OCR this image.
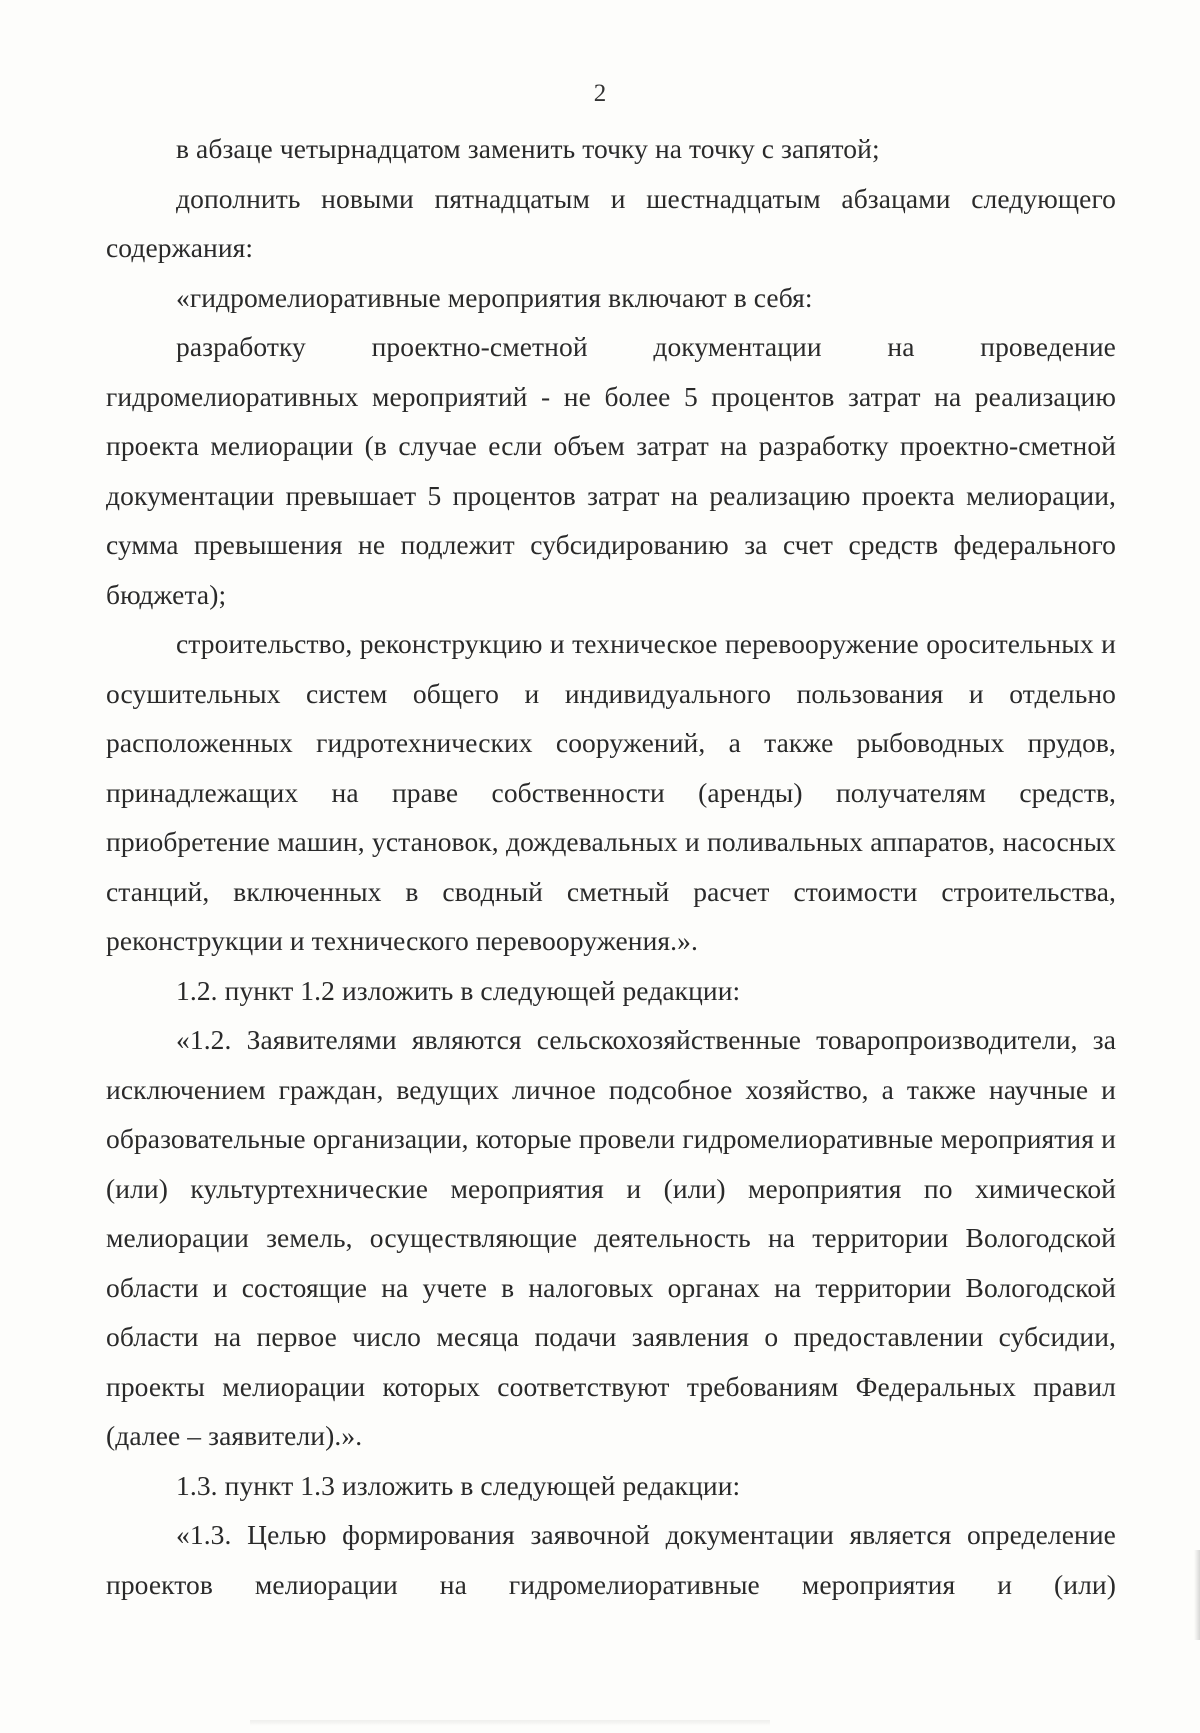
2

в абзаце четырнадцатом заменить точку на точку с запятой;

дополнить новыми пятнадцатым и шестнадцатым абзацами следующего содержания:

«гидромелиоративные мероприятия включают в себя:

разработку проектно-сметной документации на проведение гидромелиоративных мероприятий - не более 5 процентов затрат на реализацию проекта мелиорации (в случае если объем затрат на разработку проектно-сметной документации превышает 5 процентов затрат на реализацию проекта мелиорации, сумма превышения не подлежит субсидированию за счет средств федерального бюджета);

строительство, реконструкцию и техническое перевооружение оросительных и осушительных систем общего и индивидуального пользования и отдельно расположенных гидротехнических сооружений, а также рыбоводных прудов, принадлежащих на праве собственности (аренды) получателям средств, приобретение машин, установок, дождевальных и поливальных аппаратов, насосных станций, включенных в сводный сметный расчет стоимости строительства, реконструкции и технического перевооружения.».

1.2. пункт 1.2 изложить в следующей редакции:

«1.2. Заявителями являются сельскохозяйственные товаропроизводители, за исключением граждан, ведущих личное подсобное хозяйство, а также научные и образовательные организации, которые провели гидромелиоративные мероприятия и (или) культуртехнические мероприятия и (или) мероприятия по химической мелиорации земель, осуществляющие деятельность на территории Вологодской области и состоящие на учете в налоговых органах на территории Вологодской области на первое число месяца подачи заявления о предоставлении субсидии, проекты мелиорации которых соответствуют требованиям Федеральных правил (далее – заявители).».

1.3. пункт 1.3 изложить в следующей редакции:

«1.3. Целью формирования заявочной документации является определение проектов мелиорации на гидромелиоративные мероприятия и (или)
